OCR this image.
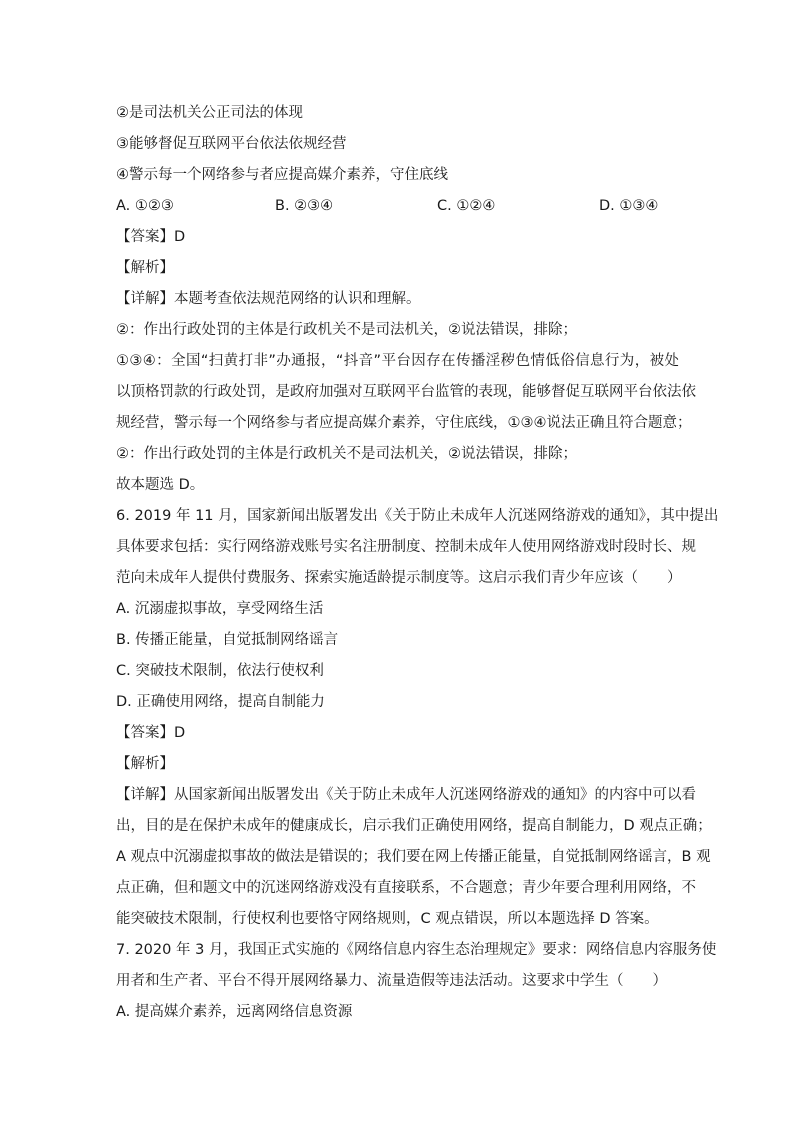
②是司法机关公正司法的体现
③能够督促互联网平台依法依规经营
④警示每一个网络参与者应提高媒介素养，守住底线
A. ①②③	B. ②③④	C. ①②④	D. ①③④
【答案】D
【解析】
【详解】本题考查依法规范网络的认识和理解。
②：作出行政处罚的主体是行政机关不是司法机关，②说法错误，排除；
①③④：全国“扫黄打非”办通报，“抖音”平台因存在传播淫秽色情低俗信息行为，被处
以顶格罚款的行政处罚，是政府加强对互联网平台监管的表现，能够督促互联网平台依法依
规经营，警示每一个网络参与者应提高媒介素养，守住底线，①③④说法正确且符合题意；
②：作出行政处罚的主体是行政机关不是司法机关，②说法错误，排除；
故本题选 D。
6. 2019 年 11 月，国家新闻出版署发出《关于防止未成年人沉迷网络游戏的通知》，其中提出
具体要求包括：实行网络游戏账号实名注册制度、控制未成年人使用网络游戏时段时长、规
范向未成年人提供付费服务、探索实施适龄提示制度等。这启示我们青少年应该（　　）
A. 沉溺虚拟事故，享受网络生活
B. 传播正能量，自觉抵制网络谣言
C. 突破技术限制，依法行使权利
D. 正确使用网络，提高自制能力
【答案】D
【解析】
【详解】从国家新闻出版署发出《关于防止未成年人沉迷网络游戏的通知》的内容中可以看
出，目的是在保护未成年的健康成长，启示我们正确使用网络，提高自制能力，D 观点正确；
A 观点中沉溺虚拟事故的做法是错误的；我们要在网上传播正能量，自觉抵制网络谣言，B 观
点正确，但和题文中的沉迷网络游戏没有直接联系，不合题意；青少年要合理利用网络，不
能突破技术限制，行使权利也要恪守网络规则，C 观点错误，所以本题选择 D 答案。
7. 2020 年 3 月，我国正式实施的《网络信息内容生态治理规定》要求：网络信息内容服务使
用者和生产者、平台不得开展网络暴力、流量造假等违法活动。这要求中学生（　　）
A. 提高媒介素养，远离网络信息资源
